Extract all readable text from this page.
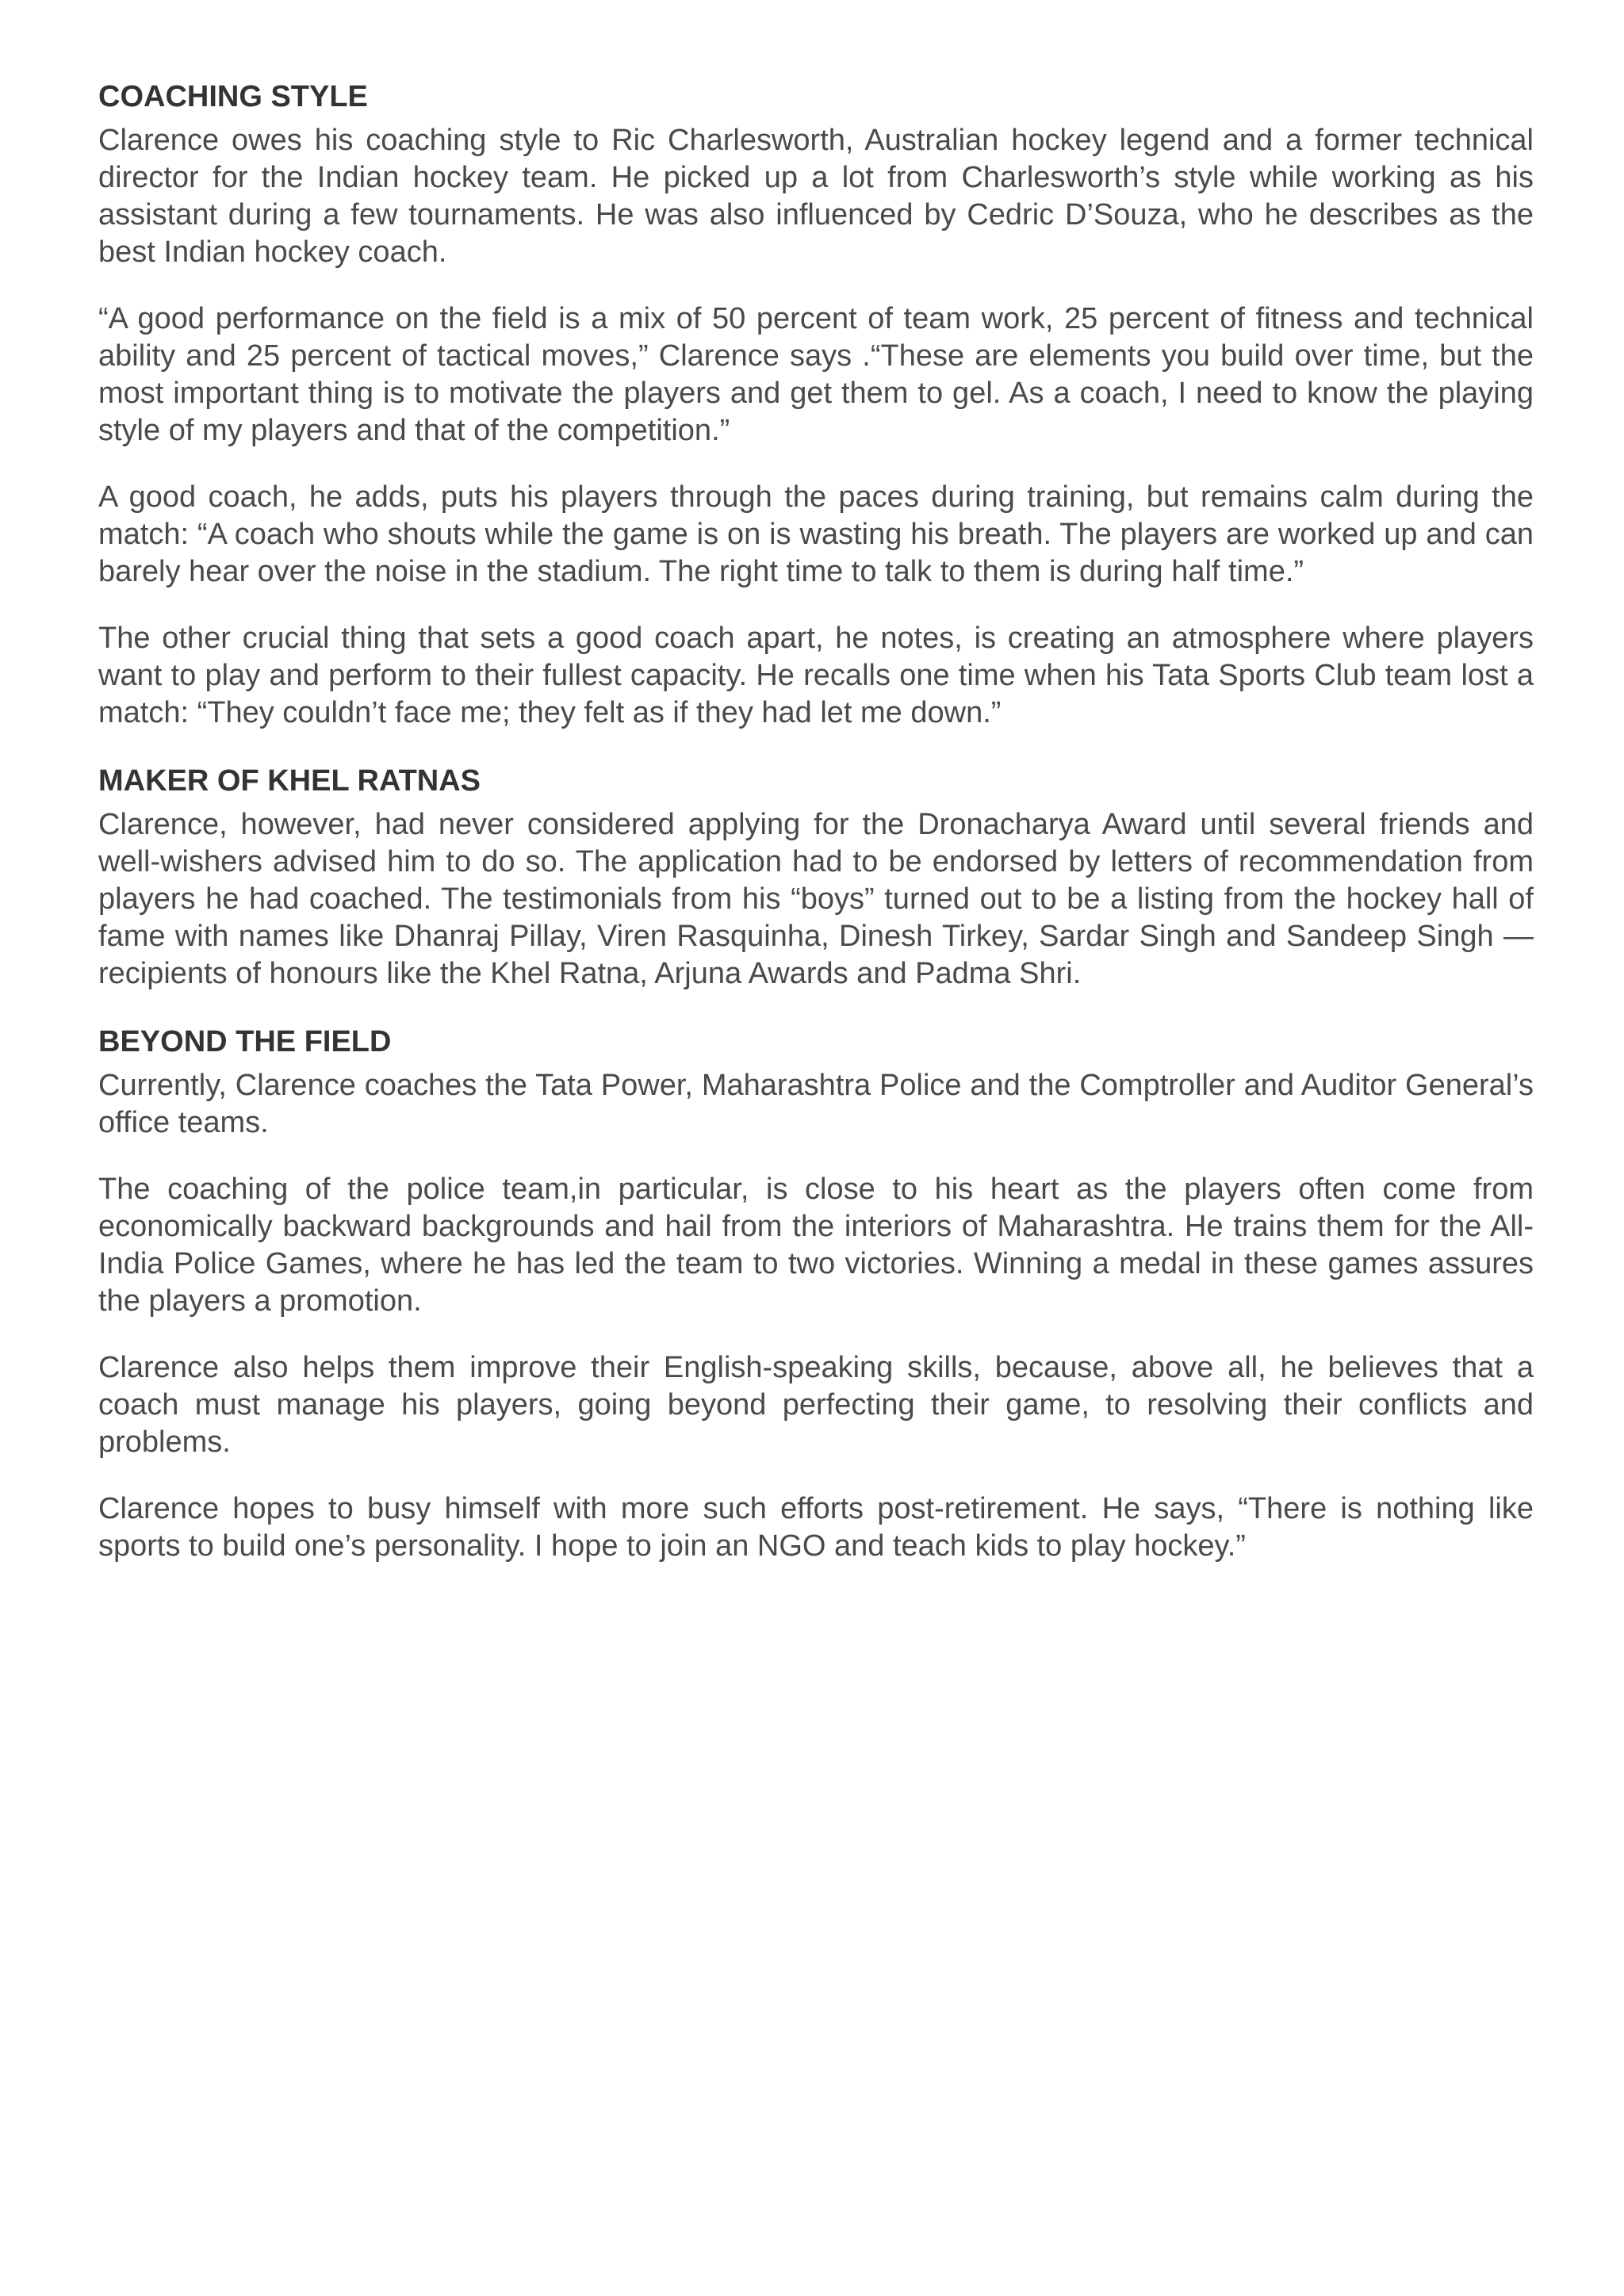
COACHING STYLE

Clarence owes his coaching style to Ric Charlesworth, Australian hockey legend and a former technical director for the Indian hockey team. He picked up a lot from Charlesworth’s style while working as his assistant during a few tournaments. He was also influenced by Cedric D’Souza, who he describes as the best Indian hockey coach.

“A good performance on the field is a mix of 50 percent of team work, 25 percent of fitness and technical ability and 25 percent of tactical moves,” Clarence says .“These are elements you build over time, but the most important thing is to motivate the players and get them to gel. As a coach, I need to know the playing style of my players and that of the competition.”

A good coach, he adds, puts his players through the paces during training, but remains calm during the match: “A coach who shouts while the game is on is wasting his breath. The players are worked up and can barely hear over the noise in the stadium. The right time to talk to them is during half time.”

The other crucial thing that sets a good coach apart, he notes, is creating an atmosphere where players want to play and perform to their fullest capacity. He recalls one time when his Tata Sports Club team lost a match: “They couldn’t face me; they felt as if they had let me down.”

MAKER OF KHEL RATNAS

Clarence, however, had never considered applying for the Dronacharya Award until several friends and well-wishers advised him to do so. The application had to be endorsed by letters of recommendation from players he had coached. The testimonials from his “boys” turned out to be a listing from the hockey hall of fame with names like Dhanraj Pillay, Viren Rasquinha, Dinesh Tirkey, Sardar Singh and Sandeep Singh — recipients of honours like the Khel Ratna, Arjuna Awards and Padma Shri.

BEYOND THE FIELD

Currently, Clarence coaches the Tata Power, Maharashtra Police and the Comptroller and Auditor General’s office teams.

The coaching of the police team,in particular, is close to his heart as the players often come from economically backward backgrounds and hail from the interiors of Maharashtra. He trains them for the All-India Police Games, where he has led the team to two victories. Winning a medal in these games assures the players a promotion.

Clarence also helps them improve their English-speaking skills, because, above all, he believes that a coach must manage his players, going beyond perfecting their game, to resolving their conflicts and problems.

Clarence hopes to busy himself with more such efforts post-retirement. He says, “There is nothing like sports to build one’s personality. I hope to join an NGO and teach kids to play hockey.”
